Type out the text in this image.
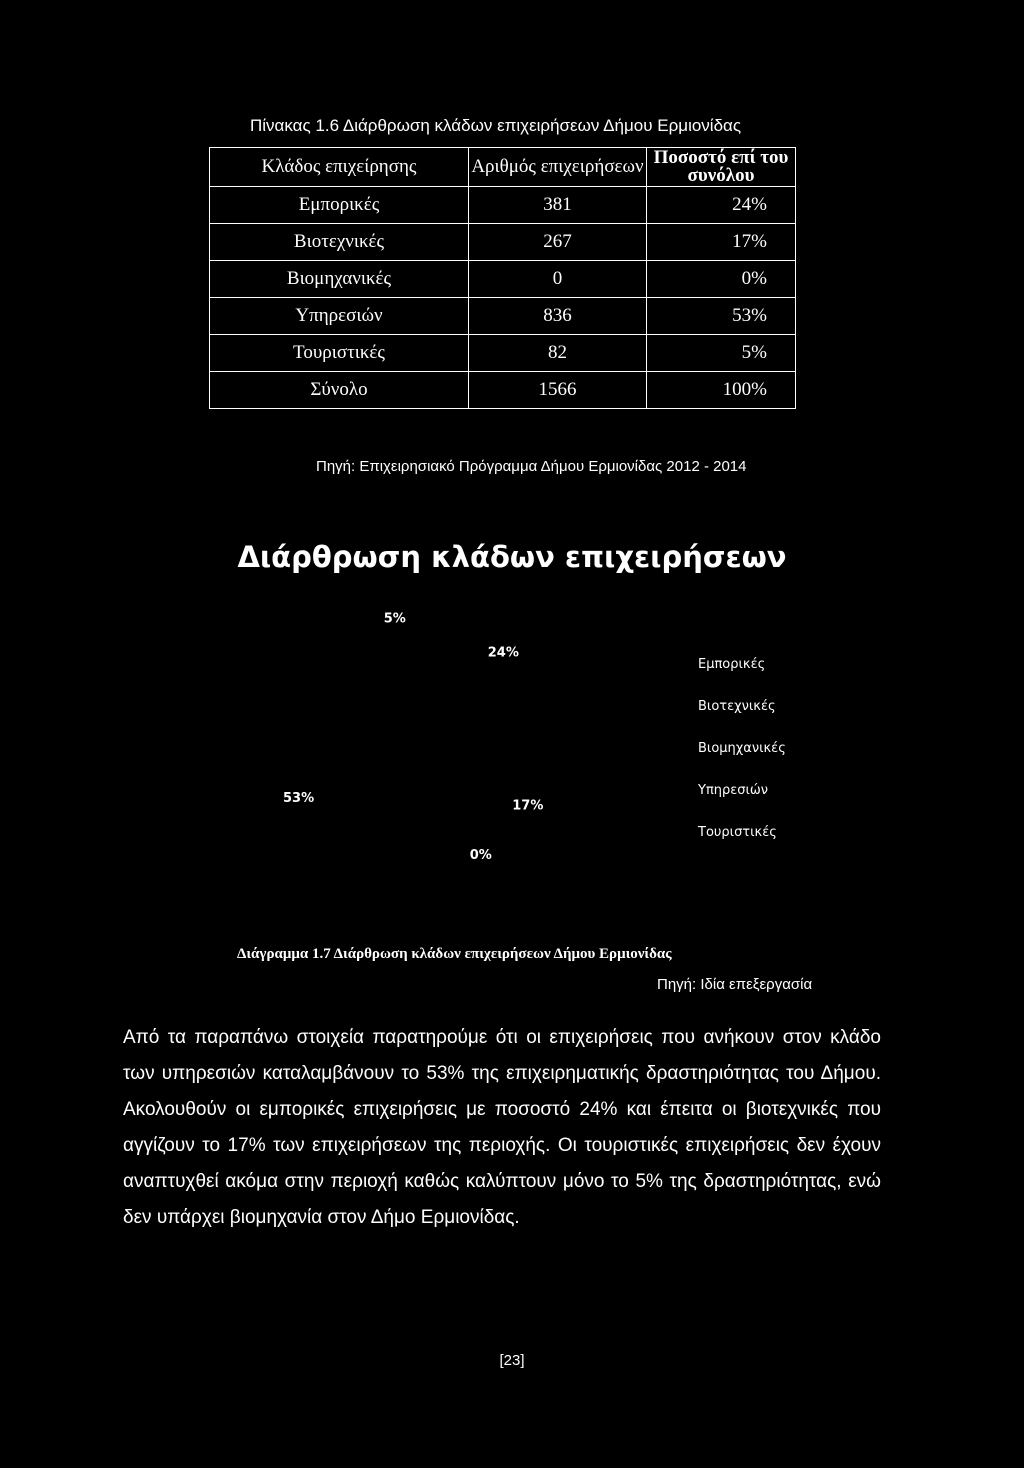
Πίνακας 1.6 Διάρθρωση κλάδων επιχειρήσεων Δήμου Ερμιονίδας
Κλάδος επιχείρησης	Αριθμός επιχειρήσεων	Ποσοστό επί του συνόλου
Εμπορικές	381	24%
Βιοτεχνικές	267	17%
Βιομηχανικές	0	0%
Υπηρεσιών	836	53%
Τουριστικές	82	5%
Σύνολο	1566	100%
Πηγή: Επιχειρησιακό Πρόγραμμα Δήμου Ερμιονίδας 2012 - 2014
Διάρθρωση κλάδων επιχειρήσεων
24%
17%
0%
53%
5%
Εμπορικές
Βιοτεχνικές
Βιομηχανικές
Υπηρεσιών
Τουριστικές
Διάγραμμα 1.7 Διάρθρωση κλάδων επιχειρήσεων Δήμου Ερμιονίδας
Πηγή: Ιδία επεξεργασία
Από τα παραπάνω στοιχεία παρατηρούμε ότι οι επιχειρήσεις που ανήκουν στον κλάδο των υπηρεσιών καταλαμβάνουν το 53% της επιχειρηματικής δραστηριότητας του Δήμου. Ακολουθούν οι εμπορικές επιχειρήσεις με ποσοστό 24% και έπειτα οι βιοτεχνικές που αγγίζουν το 17% των επιχειρήσεων της περιοχής. Οι τουριστικές επιχειρήσεις δεν έχουν αναπτυχθεί ακόμα στην περιοχή καθώς καλύπτουν μόνο το 5% της δραστηριότητας, ενώ δεν υπάρχει βιομηχανία στον Δήμο Ερμιονίδας.
[23]
